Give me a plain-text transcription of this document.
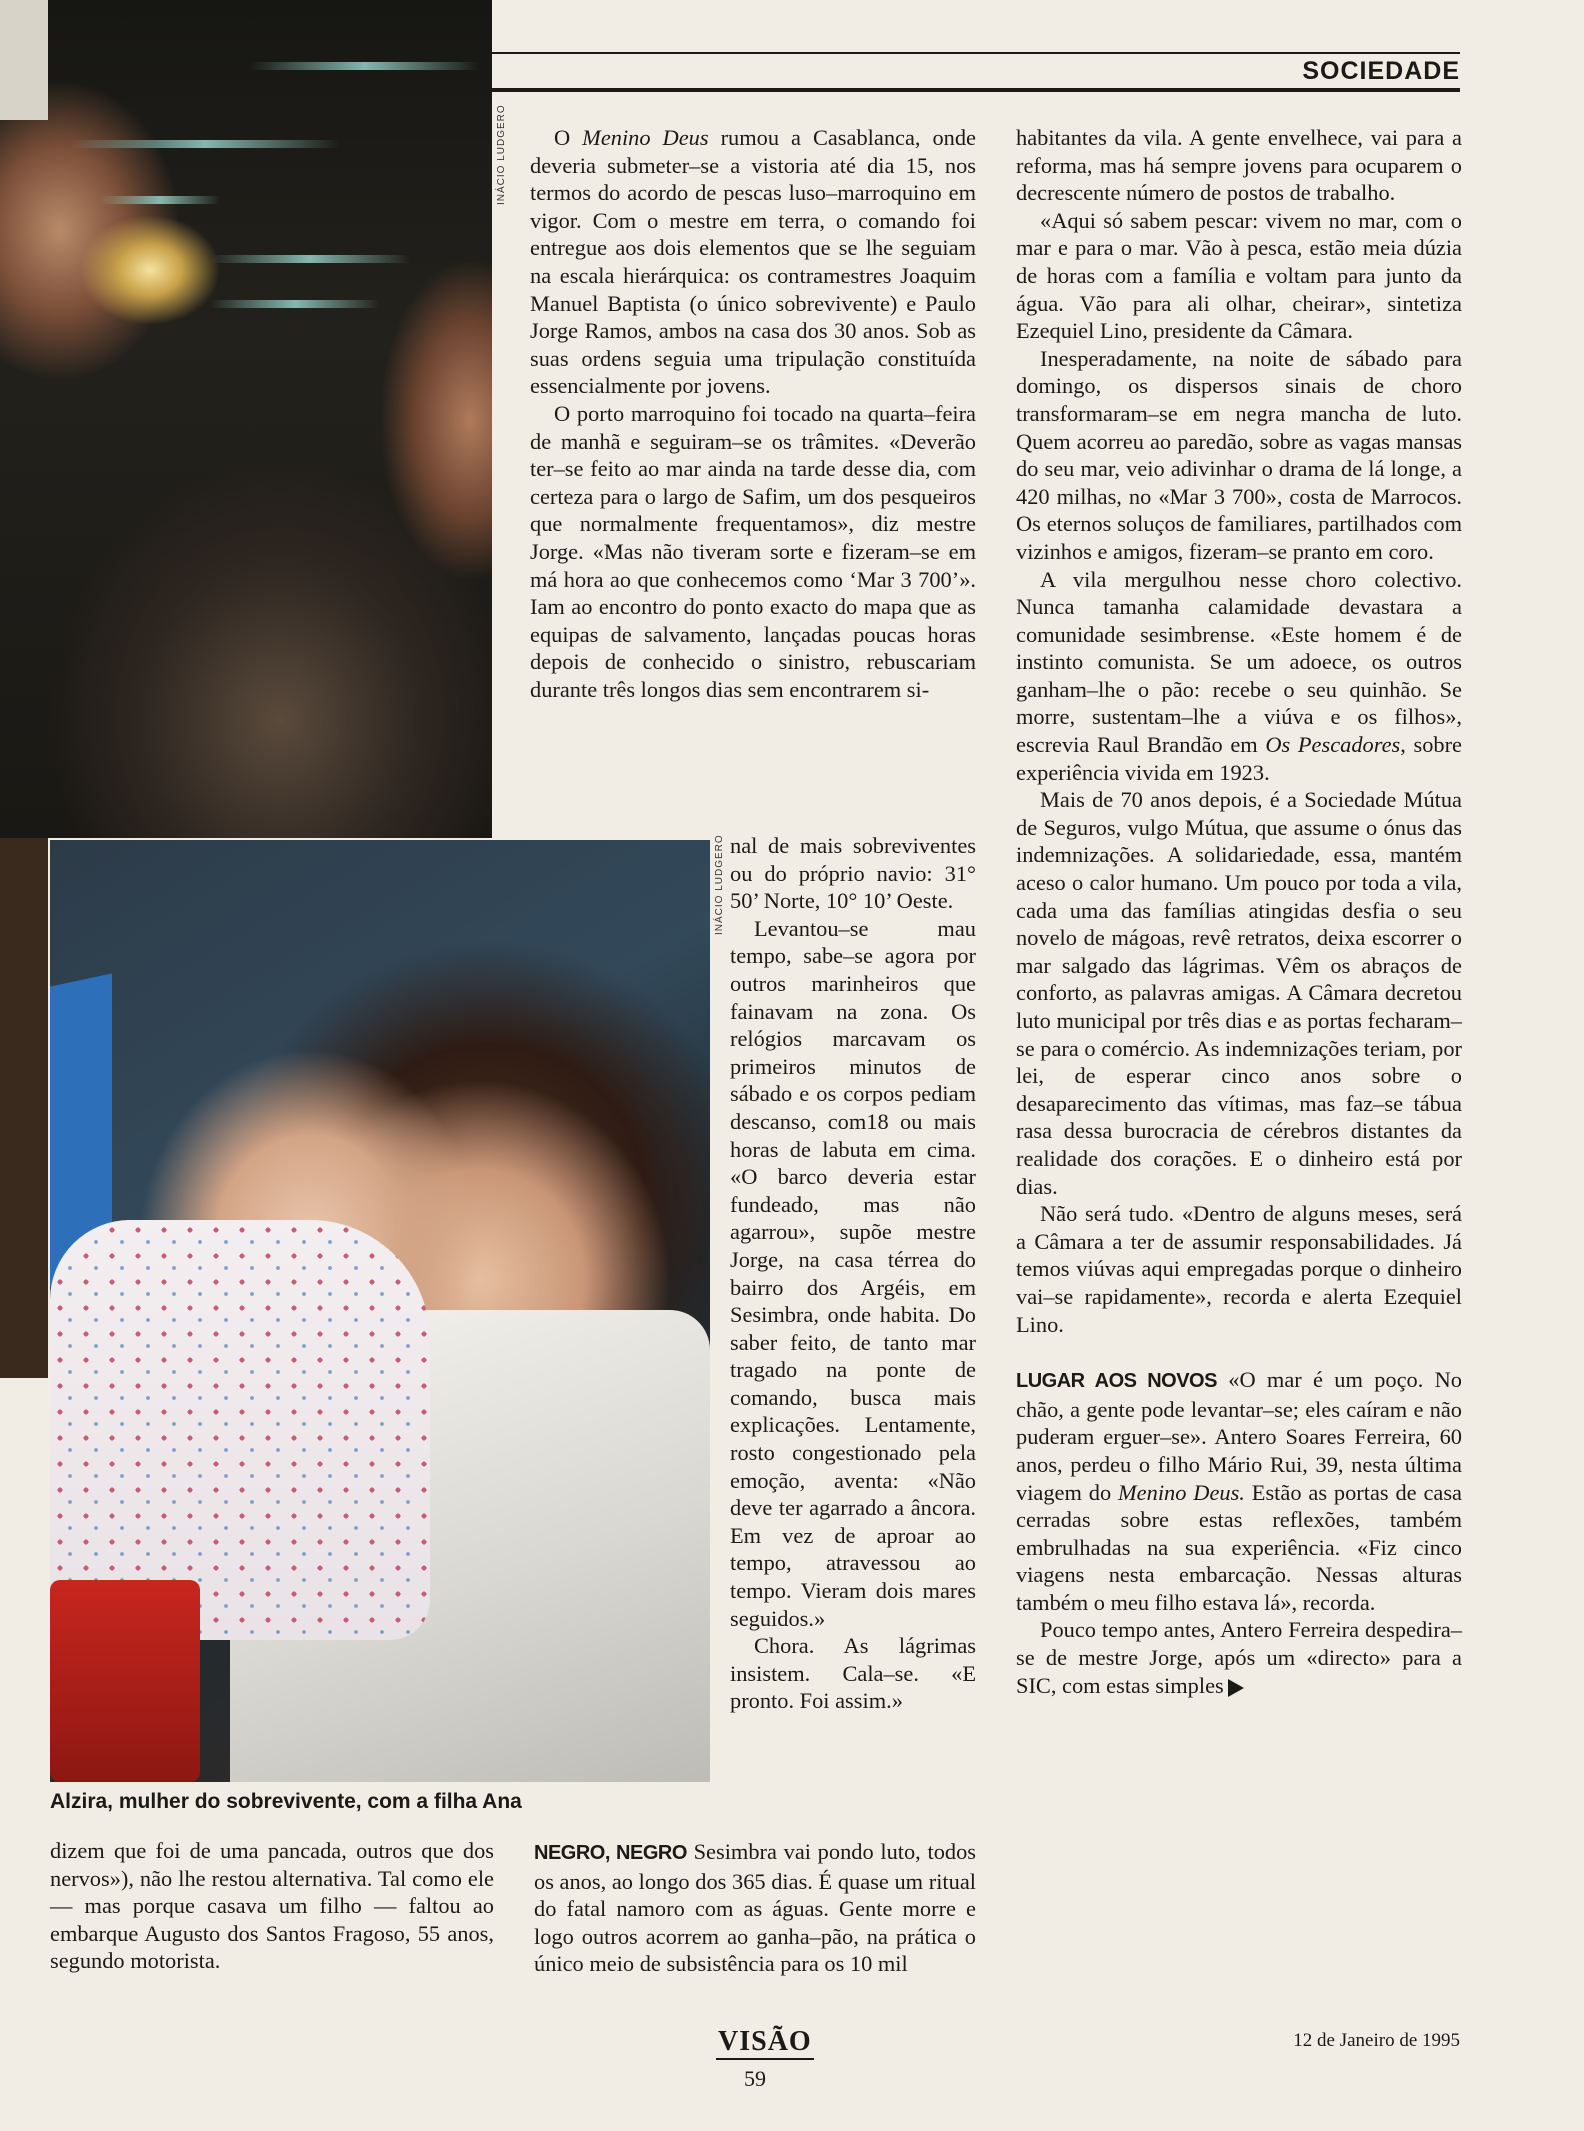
INÁCIO LUDGERO
INÁCIO LUDGERO
SOCIEDADE
Alzira, mulher do sobrevivente, com a filha Ana

dizem que foi de uma pancada, outros que dos nervos»), não lhe restou alternativa. Tal como ele — mas porque casava um filho — faltou ao embarque Augusto dos Santos Fragoso, 55 anos, segundo motorista.

O Menino Deus rumou a Casablanca, onde deveria submeter–se a vistoria até dia 15, nos termos do acordo de pescas luso–marroquino em vigor. Com o mestre em terra, o comando foi entregue aos dois elementos que se lhe seguiam na escala hierárquica: os contramestres Joaquim Manuel Baptista (o único sobrevivente) e Paulo Jorge Ramos, ambos na casa dos 30 anos. Sob as suas ordens seguia uma tripulação constituída essencialmente por jovens.

O porto marroquino foi tocado na quarta–feira de manhã e seguiram–se os trâmites. «Deverão ter–se feito ao mar ainda na tarde desse dia, com certeza para o largo de Safim, um dos pesqueiros que normalmente frequentamos», diz mestre Jorge. «Mas não tiveram sorte e fizeram–se em má hora ao que conhecemos como ‘Mar 3 700’». Iam ao encontro do ponto exacto do mapa que as equipas de salvamento, lançadas poucas horas depois de conhecido o sinistro, rebuscariam durante três longos dias sem encontrarem si-

nal de mais sobreviventes ou do próprio navio: 31° 50’ Norte, 10° 10’ Oeste.

Levantou–se mau tempo, sabe–se agora por outros marinheiros que fainavam na zona. Os relógios marcavam os primeiros minutos de sábado e os corpos pediam descanso, com18 ou mais horas de labuta em cima. «O barco deveria estar fundeado, mas não agarrou», supõe mestre Jorge, na casa térrea do bairro dos Argéis, em Sesimbra, onde habita. Do saber feito, de tanto mar tragado na ponte de comando, busca mais explicações. Lentamente, rosto congestionado pela emoção, aventa: «Não deve ter agarrado a âncora. Em vez de aproar ao tempo, atravessou ao tempo. Vieram dois mares seguidos.»

Chora. As lágrimas insistem. Cala–se. «E pronto. Foi assim.»

NEGRO, NEGRO Sesimbra vai pondo luto, todos os anos, ao longo dos 365 dias. É quase um ritual do fatal namoro com as águas. Gente morre e logo outros acorrem ao ganha–pão, na prática o único meio de subsistência para os 10 mil

habitantes da vila. A gente envelhece, vai para a reforma, mas há sempre jovens para ocuparem o decrescente número de postos de trabalho.

«Aqui só sabem pescar: vivem no mar, com o mar e para o mar. Vão à pesca, estão meia dúzia de horas com a família e voltam para junto da água. Vão para ali olhar, cheirar», sintetiza Ezequiel Lino, presidente da Câmara.

Inesperadamente, na noite de sábado para domingo, os dispersos sinais de choro transformaram–se em negra mancha de luto. Quem acorreu ao paredão, sobre as vagas mansas do seu mar, veio adivinhar o drama de lá longe, a 420 milhas, no «Mar 3 700», costa de Marrocos. Os eternos soluços de familiares, partilhados com vizinhos e amigos, fizeram–se pranto em coro.

A vila mergulhou nesse choro colectivo. Nunca tamanha calamidade devastara a comunidade sesimbrense. «Este homem é de instinto comunista. Se um adoece, os outros ganham–lhe o pão: recebe o seu quinhão. Se morre, sustentam–lhe a viúva e os filhos», escrevia Raul Brandão em Os Pescadores, sobre experiência vivida em 1923.

Mais de 70 anos depois, é a Sociedade Mútua de Seguros, vulgo Mútua, que assume o ónus das indemnizações. A solidariedade, essa, mantém aceso o calor humano. Um pouco por toda a vila, cada uma das famílias atingidas desfia o seu novelo de mágoas, revê retratos, deixa escorrer o mar salgado das lágrimas. Vêm os abraços de conforto, as palavras amigas. A Câmara decretou luto municipal por três dias e as portas fecharam–se para o comércio. As indemnizações teriam, por lei, de esperar cinco anos sobre o desaparecimento das vítimas, mas faz–se tábua rasa dessa burocracia de cérebros distantes da realidade dos corações. E o dinheiro está por dias.

Não será tudo. «Dentro de alguns meses, será a Câmara a ter de assumir responsabilidades. Já temos viúvas aqui empregadas porque o dinheiro vai–se rapidamente», recorda e alerta Ezequiel Lino.

LUGAR AOS NOVOS «O mar é um poço. No chão, a gente pode levantar–se; eles caíram e não puderam erguer–se». Antero Soares Ferreira, 60 anos, perdeu o filho Mário Rui, 39, nesta última viagem do Menino Deus. Estão as portas de casa cerradas sobre estas reflexões, também embrulhadas na sua experiência. «Fiz cinco viagens nesta embarcação. Nessas alturas também o meu filho estava lá», recorda.

Pouco tempo antes, Antero Ferreira despedira–se de mestre Jorge, após um «directo» para a SIC, com estas simples

VISÃO
59
12 de Janeiro de 1995
